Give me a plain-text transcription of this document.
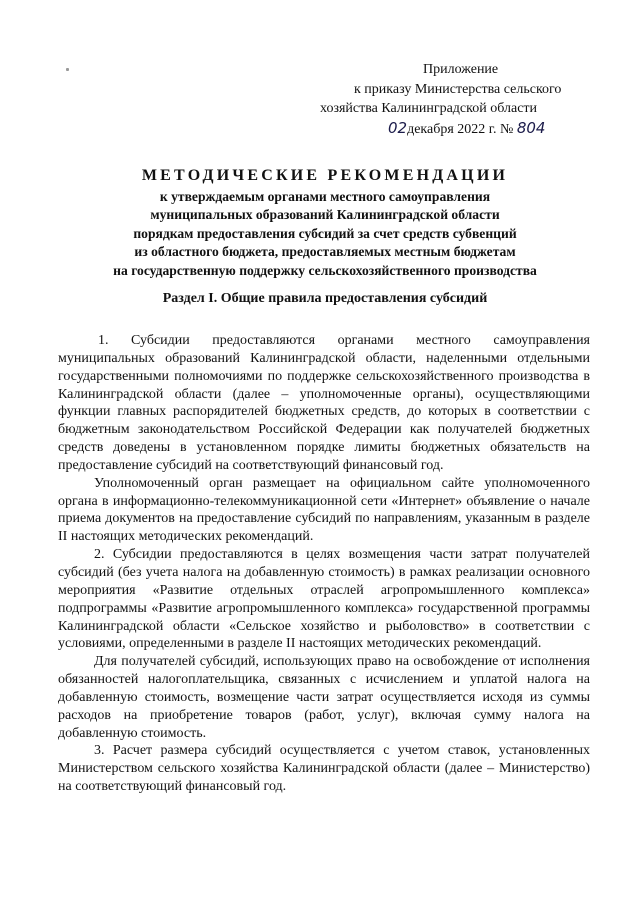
Приложение
к приказу Министерства сельского
хозяйства Калининградской области
02декабря 2022 г. № 804
МЕТОДИЧЕСКИЕ РЕКОМЕНДАЦИИ
к утверждаемым органами местного самоуправления
муниципальных образований Калининградской области
порядкам предоставления субсидий за счет средств субвенций
из областного бюджета, предоставляемых местным бюджетам
на государственную поддержку сельскохозяйственного производства
Раздел I. Общие правила предоставления субсидий

1. Субсидии предоставляются органами местного самоуправления муниципальных образований Калининградской области, наделенными отдельными государственными полномочиями по поддержке сельскохозяйственного производства в Калининградской области (далее – уполномоченные органы), осуществляющими функции главных распорядителей бюджетных средств, до которых в соответствии с бюджетным законодательством Российской Федерации как получателей бюджетных средств доведены в установленном порядке лимиты бюджетных обязательств на предоставление субсидий на соответствующий финансовый год.

Уполномоченный орган размещает на официальном сайте уполномоченного органа в информационно-телекоммуникационной сети «Интернет» объявление о начале приема документов на предоставление субсидий по направлениям, указанным в разделе II настоящих методических рекомендаций.

2. Субсидии предоставляются в целях возмещения части затрат получателей субсидий (без учета налога на добавленную стоимость) в рамках реализации основного мероприятия «Развитие отдельных отраслей агропромышленного комплекса» подпрограммы «Развитие агропромышленного комплекса» государственной программы Калининградской области «Сельское хозяйство и рыболовство» в соответствии с условиями, определенными в разделе II настоящих методических рекомендаций.

Для получателей субсидий, использующих право на освобождение от исполнения обязанностей налогоплательщика, связанных с исчислением и уплатой налога на добавленную стоимость, возмещение части затрат осуществляется исходя из суммы расходов на приобретение товаров (работ, услуг), включая сумму налога на добавленную стоимость.

3. Расчет размера субсидий осуществляется с учетом ставок, установленных Министерством сельского хозяйства Калининградской области (далее – Министерство) на соответствующий финансовый год.
